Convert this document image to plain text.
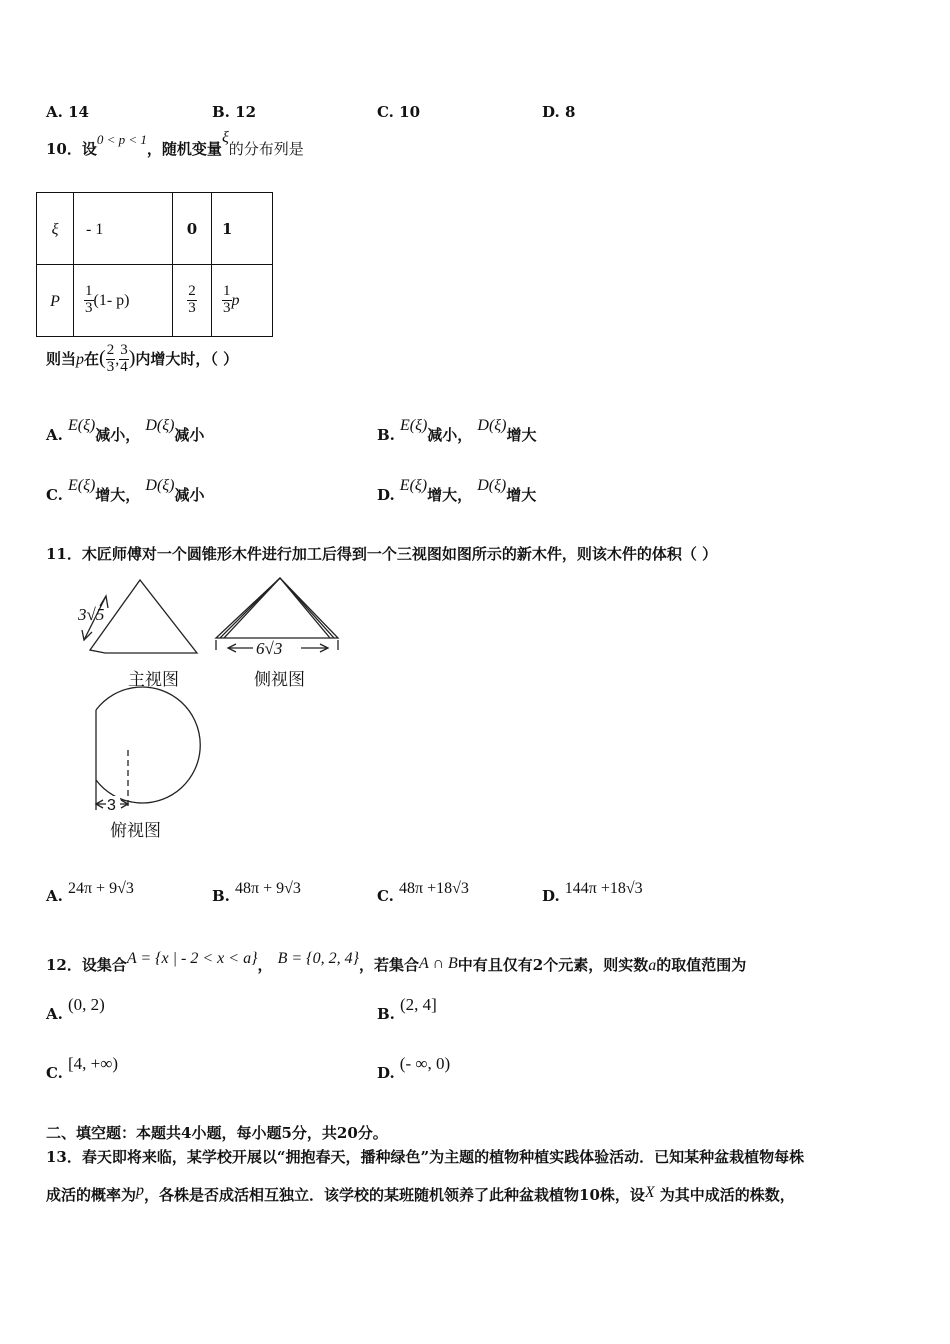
A. 14	B. 12	C. 10	D. 8
10．设$^{0 < p < 1}$，随机变量ξ的分布列是
ξ	- 1	0	1
P	$\frac{1}{3} (1-$ p)	$\frac{2}{3}$	$\frac{1}{3}$ p
则当p在( $\frac{2}{3}$ , $\frac{3}{4}$ )内增大时，（ ）
A. E(ξ)减小， D(ξ)减小	B. E(ξ)减小， D(ξ)增大
C. E(ξ)增大， D(ξ)减小	D. E(ξ)增大， D(ξ)增大
11．木匠师傅对一个圆锥形木件进行加工后得到一个三视图如图所示的新木件，则该木件的体积（ ）
3√5
主视图
6√3
侧视图
3
俯视图
A. 24π + 9√3	B. 48π + 9√3	C. 48π +18√3	D. 144π +18√3
12．设集合A = {x | - 2 < x < a}， B = {0, 2, 4}，若集合A ∩ B中有且仅有2个元素，则实数a的取值范围为
A. (0, 2)	B. (2, 4]
C. [4, +∞)	D. (- ∞, 0)
二、填空题：本题共4小题，每小题5分，共20分。
13．春天即将来临，某学校开展以“拥抱春天，播种绿色”为主题的植物种植实践体验活动．已知某种盆栽植物每株
成活的概率为p，各株是否成活相互独立．该学校的某班随机领养了此种盆栽植物10株，设X 为其中成活的株数，
